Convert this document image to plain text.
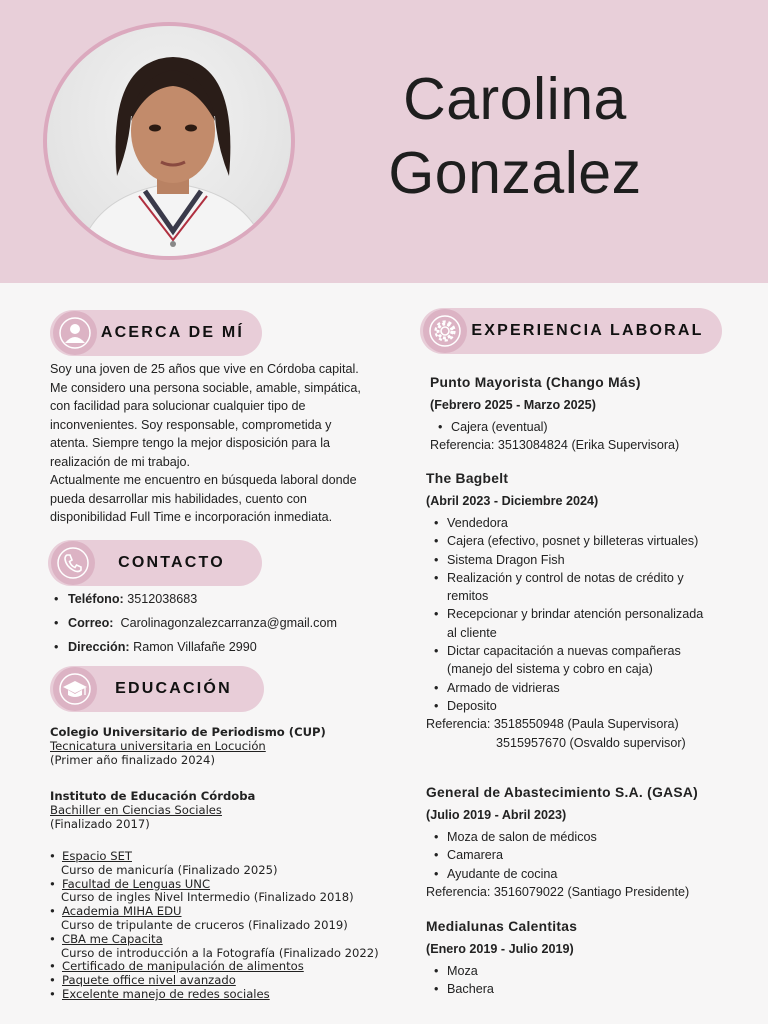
Carolina
Gonzalez
ACERCA DE MÍ
Soy una joven de 25 años que vive en Córdoba capital.
Me considero una persona sociable, amable, simpática,
con facilidad para solucionar cualquier tipo de
inconvenientes. Soy responsable, comprometida y
atenta. Siempre tengo la mejor disposición para la
realización de mi trabajo.
Actualmente me encuentro en búsqueda laboral donde
pueda desarrollar mis habilidades, cuento con
disponibilidad Full Time e incorporación inmediata.
CONTACTO
• Teléfono: 3512038683
• Correo: Carolinagonzalezcarranza@gmail.com
• Dirección: Ramon Villafañe 2990
EDUCACIÓN
Colegio Universitario de Periodismo (CUP)
Tecnicatura universitaria en Locución
(Primer año finalizado 2024)
Instituto de Educación Córdoba
Bachiller en Ciencias Sociales
(Finalizado 2017)
• Espacio SET
Curso de manicuría (Finalizado 2025)
• Facultad de Lenguas UNC
Curso de ingles Nivel Intermedio (Finalizado 2018)
• Academia MIHA EDU
Curso de tripulante de cruceros (Finalizado 2019)
• CBA me Capacita
Curso de introducción a la Fotografía (Finalizado 2022)
• Certificado de manipulación de alimentos
• Paquete office nivel avanzado
• Excelente manejo de redes sociales
EXPERIENCIA LABORAL
Punto Mayorista (Chango Más)
(Febrero 2025 - Marzo 2025)
• Cajera (eventual)
Referencia: 3513084824 (Erika Supervisora)
The Bagbelt
(Abril 2023 - Diciembre 2024)
• Vendedora
• Cajera (efectivo, posnet y billeteras virtuales)
• Sistema Dragon Fish
• Realización y control de notas de crédito y remitos
• Recepcionar y brindar atención personalizada al cliente
• Dictar capacitación a nuevas compañeras (manejo del sistema y cobro en caja)
• Armado de vidrieras
• Deposito
Referencia: 3518550948 (Paula Supervisora)
3515957670 (Osvaldo supervisor)
General de Abastecimiento S.A. (GASA)
(Julio 2019 - Abril 2023)
• Moza de salon de médicos
• Camarera
• Ayudante de cocina
Referencia: 3516079022 (Santiago Presidente)
Medialunas Calentitas
(Enero 2019 - Julio 2019)
• Moza
• Bachera
